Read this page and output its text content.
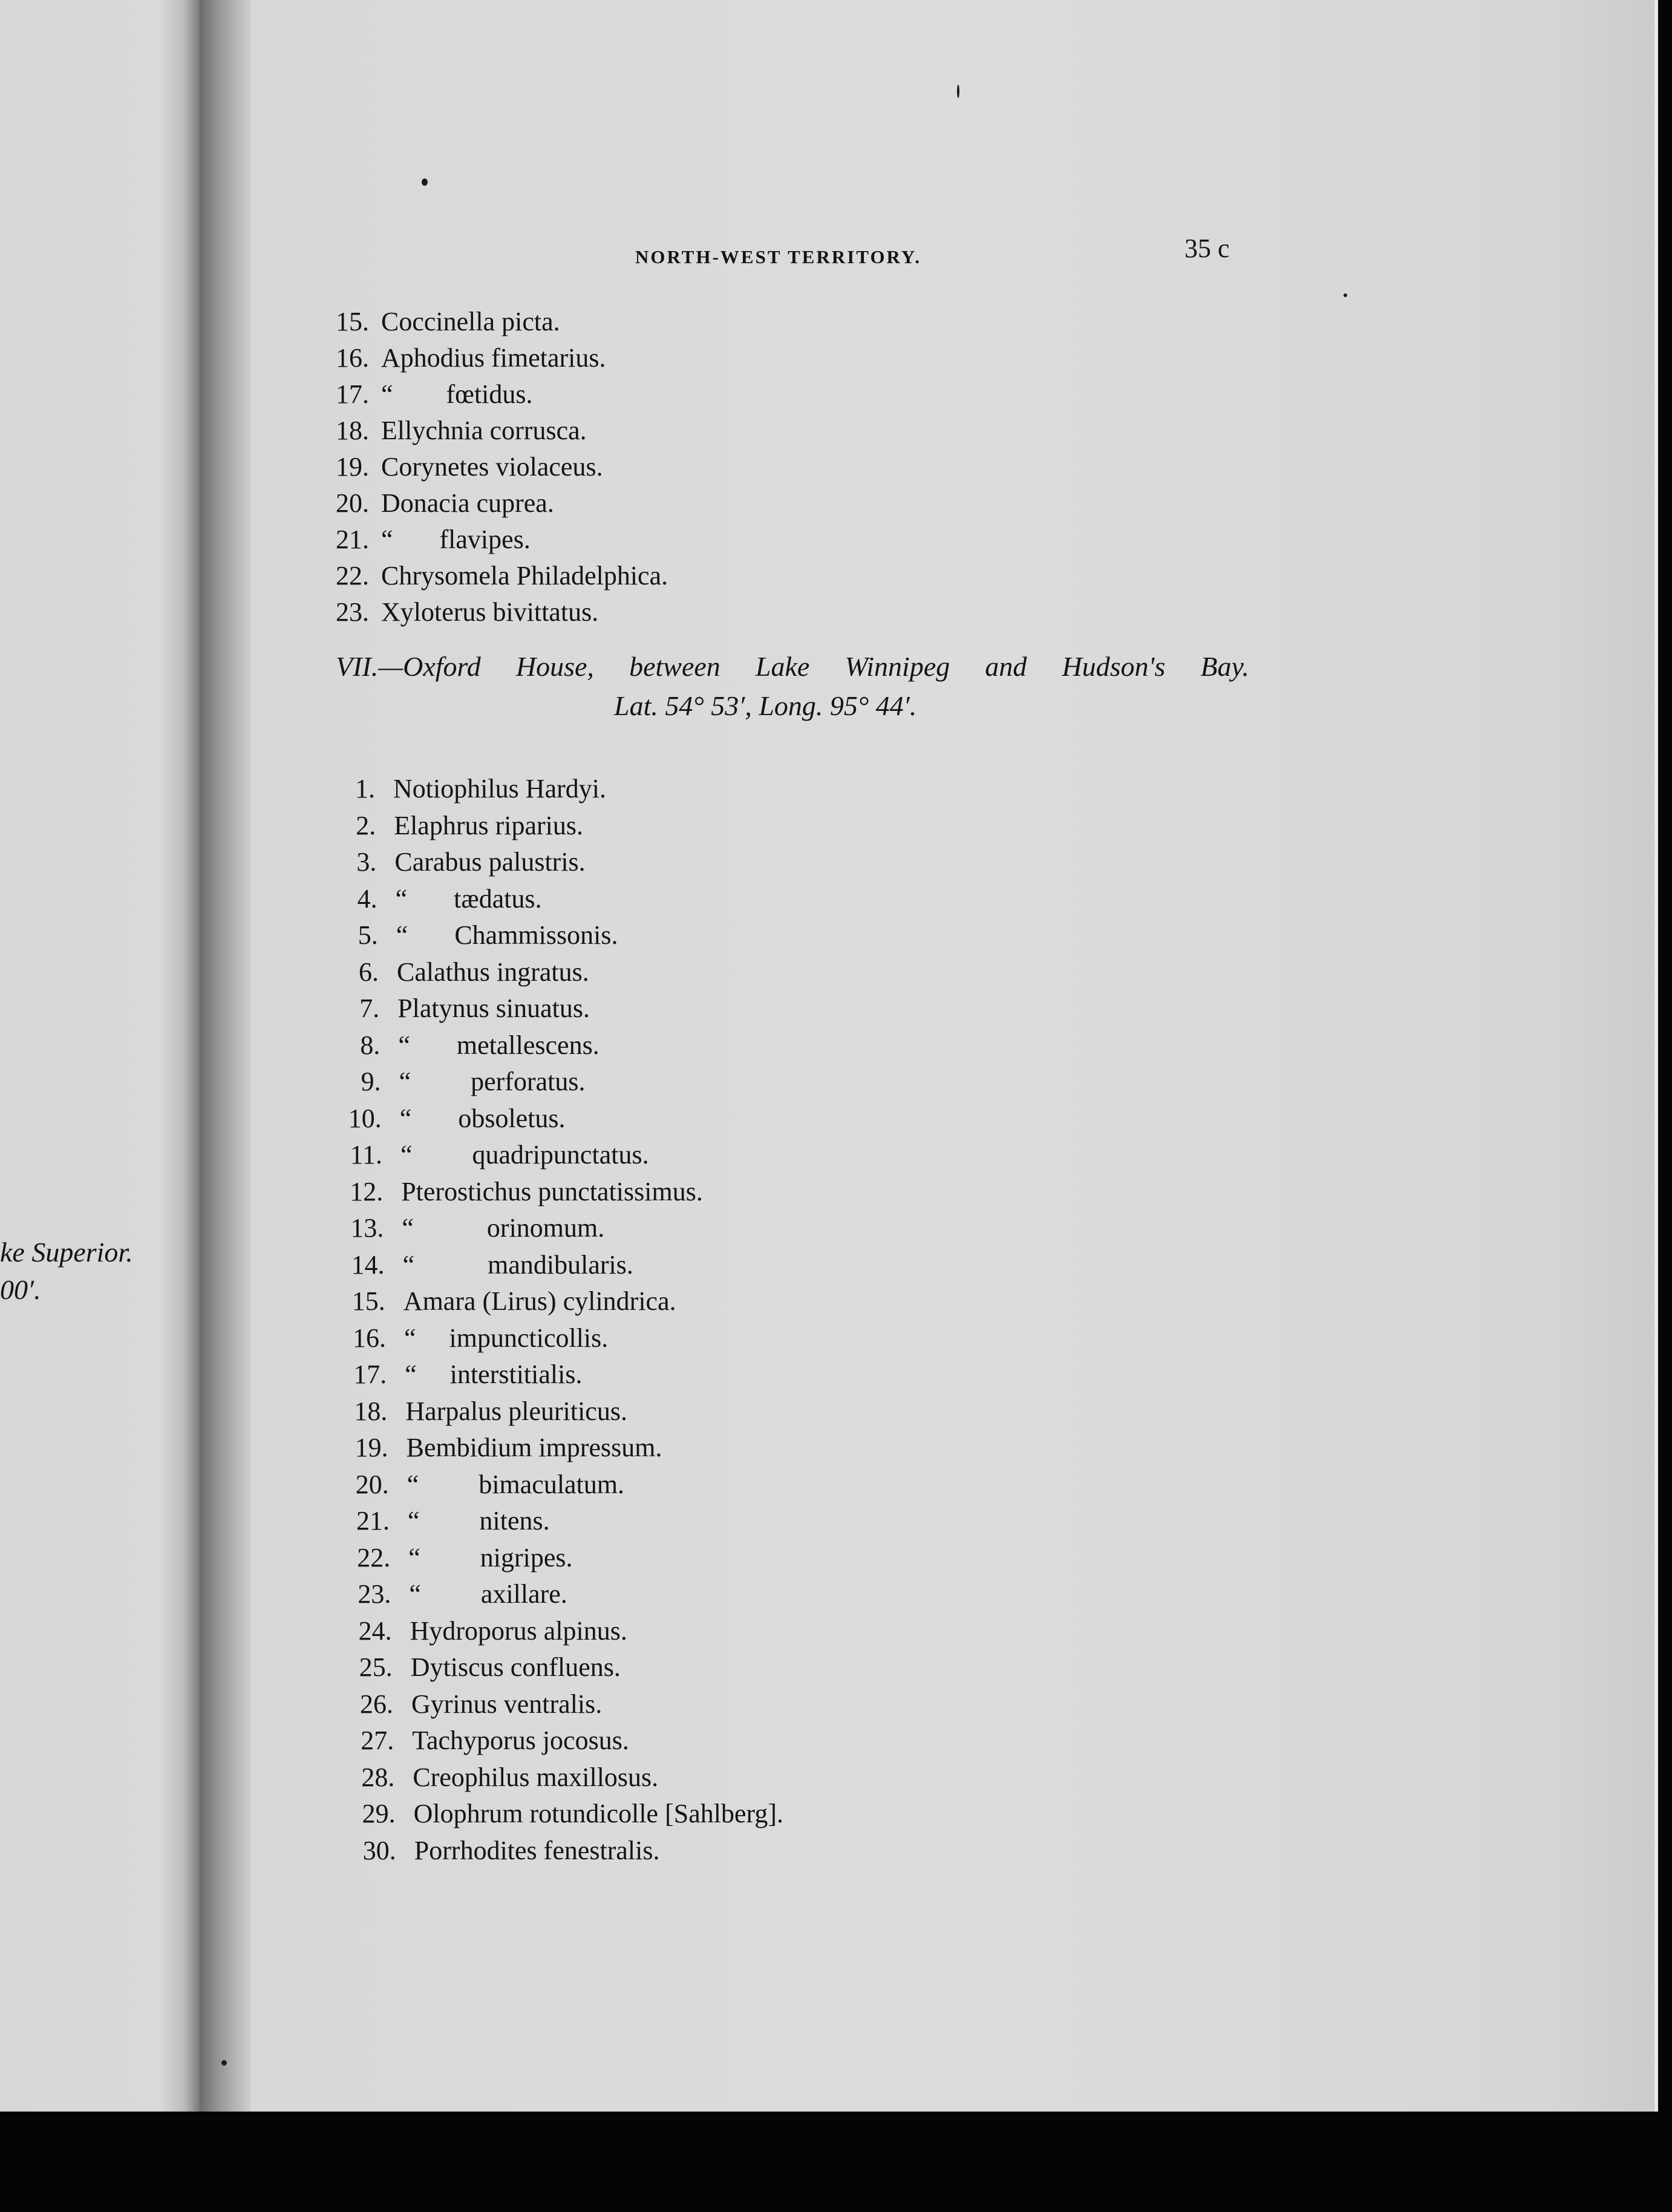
ke Superior.
00′.
NORTH-WEST TERRITORY.	35 c
15. Coccinella picta.
16. Aphodius fimetarius.
17. “        fœtidus.
18. Ellychnia corrusca.
19. Corynetes violaceus.
20. Donacia cuprea.
21. “       flavipes.
22. Chrysomela Philadelphica.
23. Xyloterus bivittatus.
VII.—Oxford House, between Lake Winnipeg and Hudson's Bay.
Lat. 54° 53′, Long. 95° 44′.
1. Notiophilus Hardyi.
2. Elaphrus riparius.
3. Carabus palustris.
4. “       tædatus.
5. “       Chammissonis.
6. Calathus ingratus.
7. Platynus sinuatus.
8. “       metallescens.
9. “         perforatus.
10. “       obsoletus.
11. “         quadripunctatus.
12. Pterostichus punctatissimus.
13. “           orinomum.
14. “           mandibularis.
15. Amara (Lirus) cylindrica.
16. “     impuncticollis.
17. “     interstitialis.
18. Harpalus pleuriticus.
19. Bembidium impressum.
20. “         bimaculatum.
21. “         nitens.
22. “         nigripes.
23. “         axillare.
24. Hydroporus alpinus.
25. Dytiscus confluens.
26. Gyrinus ventralis.
27. Tachyporus jocosus.
28. Creophilus maxillosus.
29. Olophrum rotundicolle [Sahlberg].
30. Porrhodites fenestralis.
